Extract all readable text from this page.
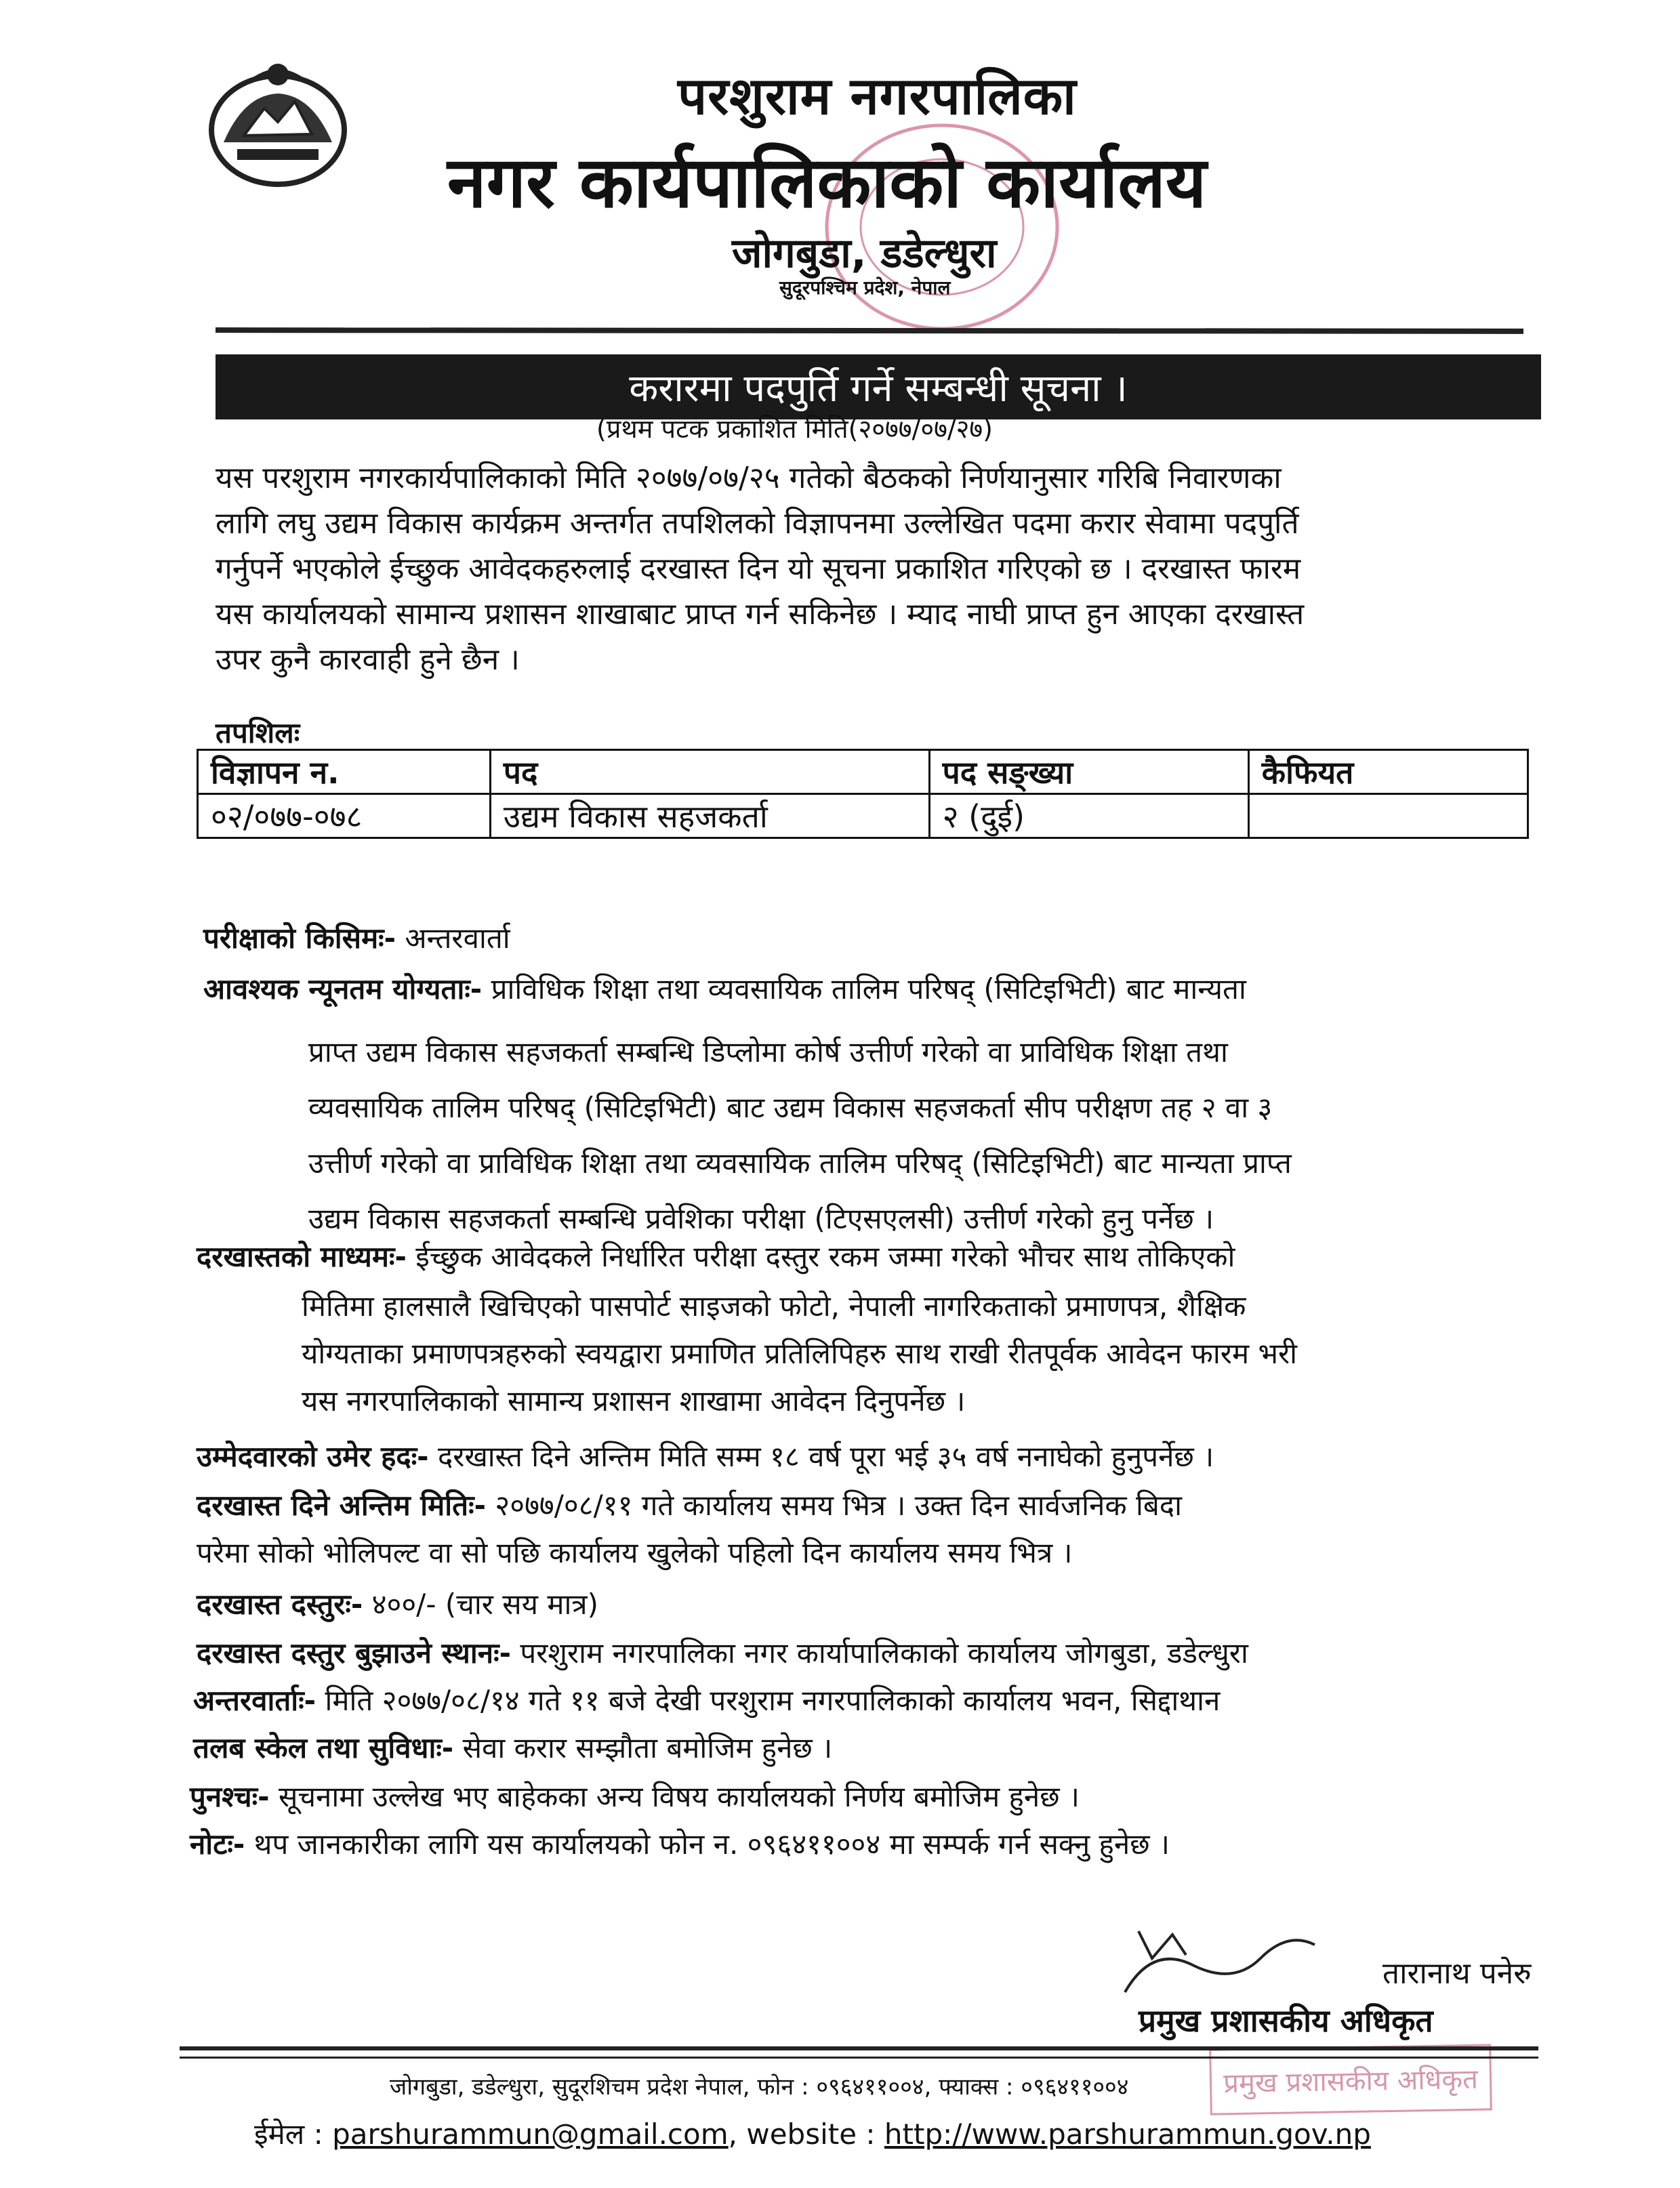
परशुराम नगरपालिका
नगर कार्यपालिकाको कार्यालय
जोगबुडा, डडेल्धुरा
सुदूरपश्चिम प्रदेश, नेपाल
करारमा पदपुर्ति गर्ने सम्बन्धी सूचना ।
(प्रथम पटक प्रकाशित मिति(२०७७/०७/२७)
यस परशुराम नगरकार्यपालिकाको मिति २०७७/०७/२५ गतेको बैठकको निर्णयानुसार गरिबि निवारणका
लागि लघु उद्यम विकास कार्यक्रम अन्तर्गत तपशिलको विज्ञापनमा उल्लेखित पदमा करार सेवामा पदपुर्ति
गर्नुपर्ने भएकोले ईच्छुक आवेदकहरुलाई दरखास्त दिन यो सूचना प्रकाशित गरिएको छ । दरखास्त फारम
यस कार्यालयको सामान्य प्रशासन शाखाबाट प्राप्त गर्न सकिनेछ । म्याद नाघी प्राप्त हुन आएका दरखास्त
उपर कुनै कारवाही हुने छैन ।
तपशिलः
विज्ञापन न.	पद	पद सङ्ख्या	कैफियत
०२/०७७-०७८	उद्यम विकास सहजकर्ता	२ (दुई)	
परीक्षाको किसिमः- अन्तरवार्ता
आवश्यक न्यूनतम योग्यताः- प्राविधिक शिक्षा तथा व्यवसायिक तालिम परिषद् (सिटिइभिटी) बाट मान्यता
प्राप्त उद्यम विकास सहजकर्ता सम्बन्धि डिप्लोमा कोर्ष उत्तीर्ण गरेको वा प्राविधिक शिक्षा तथा
व्यवसायिक तालिम परिषद् (सिटिइभिटी) बाट उद्यम विकास सहजकर्ता सीप परीक्षण तह २ वा ३
उत्तीर्ण गरेको वा प्राविधिक शिक्षा तथा व्यवसायिक तालिम परिषद् (सिटिइभिटी) बाट मान्यता प्राप्त
उद्यम विकास सहजकर्ता सम्बन्धि प्रवेशिका परीक्षा (टिएसएलसी) उत्तीर्ण गरेको हुनु पर्नेछ ।
दरखास्तको माध्यमः- ईच्छुक आवेदकले निर्धारित परीक्षा दस्तुर रकम जम्मा गरेको भौचर साथ तोकिएको
मितिमा हालसालै खिचिएको पासपोर्ट साइजको फोटो, नेपाली नागरिकताको प्रमाणपत्र, शैक्षिक
योग्यताका प्रमाणपत्रहरुको स्वयद्वारा प्रमाणित प्रतिलिपिहरु साथ राखी रीतपूर्वक आवेदन फारम भरी
यस नगरपालिकाको सामान्य प्रशासन शाखामा आवेदन दिनुपर्नेछ ।
उम्मेदवारको उमेर हदः- दरखास्त दिने अन्तिम मिति सम्म १८ वर्ष पूरा भई ३५ वर्ष ननाघेको हुनुपर्नेछ ।
दरखास्त दिने अन्तिम मितिः- २०७७/०८/११ गते कार्यालय समय भित्र । उक्त दिन सार्वजनिक बिदा
परेमा सोको भोलिपल्ट वा सो पछि कार्यालय खुलेको पहिलो दिन कार्यालय समय भित्र ।
दरखास्त दस्तुरः- ४००/- (चार सय मात्र)
दरखास्त दस्तुर बुझाउने स्थानः- परशुराम नगरपालिका नगर कार्यापालिकाको कार्यालय जोगबुडा, डडेल्धुरा
अन्तरवार्ताः- मिति २०७७/०८/१४ गते ११ बजे देखी परशुराम नगरपालिकाको कार्यालय भवन, सिद्दाथान
तलब स्केल तथा सुविधाः- सेवा करार सम्झौता बमोजिम हुनेछ ।
पुनश्चः- सूचनामा उल्लेख भए बाहेकका अन्य विषय कार्यालयको निर्णय बमोजिम हुनेछ ।
नोटः- थप जानकारीका लागि यस कार्यालयको फोन न. ०९६४११००४ मा सम्पर्क गर्न सक्नु हुनेछ ।
तारानाथ पनेरु
प्रमुख प्रशासकीय अधिकृत
प्रमुख प्रशासकीय अधिकृत
जोगबुडा, डडेल्धुरा, सुदूरशिचम प्रदेश नेपाल, फोन : ०९६४११००४, फ्याक्स : ०९६४११००४
ईमेल : parshurammun@gmail.com, website : http://www.parshurammun.gov.np
